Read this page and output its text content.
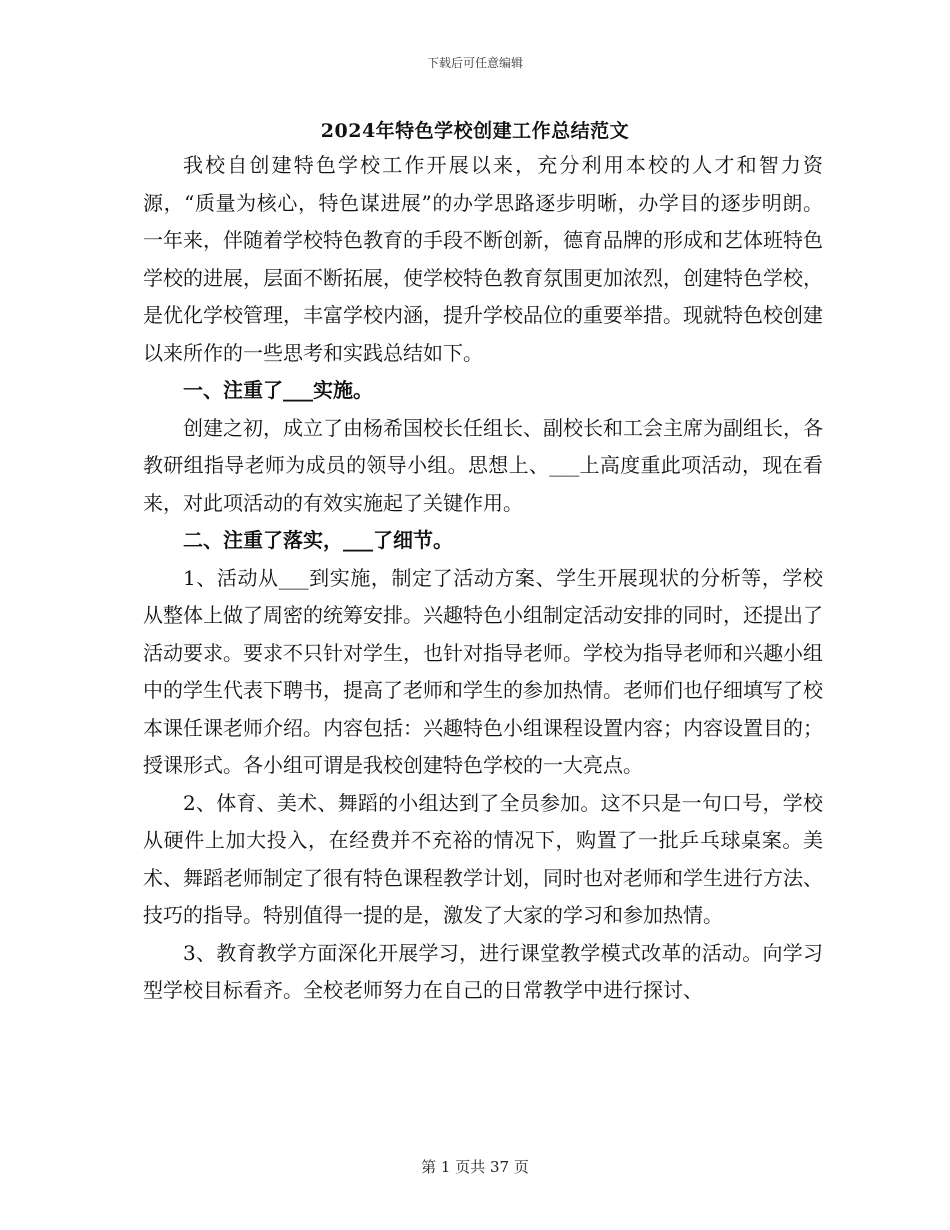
下载后可任意编辑
2024年特色学校创建工作总结范文

我校自创建特色学校工作开展以来，充分利用本校的人才和智力资源，“质量为核心，特色谋进展”的办学思路逐步明晰，办学目的逐步明朗。一年来，伴随着学校特色教育的手段不断创新，德育品牌的形成和艺体班特色学校的进展，层面不断拓展，使学校特色教育氛围更加浓烈，创建特色学校，是优化学校管理，丰富学校内涵，提升学校品位的重要举措。现就特色校创建以来所作的一些思考和实践总结如下。

一、注重了___实施。

创建之初，成立了由杨希国校长任组长、副校长和工会主席为副组长，各教研组指导老师为成员的领导小组。思想上、___上高度重此项活动，现在看来，对此项活动的有效实施起了关键作用。

二、注重了落实，___了细节。

1、活动从___到实施，制定了活动方案、学生开展现状的分析等，学校从整体上做了周密的统筹安排。兴趣特色小组制定活动安排的同时，还提出了活动要求。要求不只针对学生，也针对指导老师。学校为指导老师和兴趣小组中的学生代表下聘书，提高了老师和学生的参加热情。老师们也仔细填写了校本课任课老师介绍。内容包括：兴趣特色小组课程设置内容；内容设置目的；授课形式。各小组可谓是我校创建特色学校的一大亮点。

2、体育、美术、舞蹈的小组达到了全员参加。这不只是一句口号，学校从硬件上加大投入，在经费并不充裕的情况下，购置了一批乒乓球桌案。美术、舞蹈老师制定了很有特色课程教学计划，同时也对老师和学生进行方法、技巧的指导。特别值得一提的是，激发了大家的学习和参加热情。

3、教育教学方面深化开展学习，进行课堂教学模式改革的活动。向学习型学校目标看齐。全校老师努力在自己的日常教学中进行探讨、

第 1 页共 37 页
